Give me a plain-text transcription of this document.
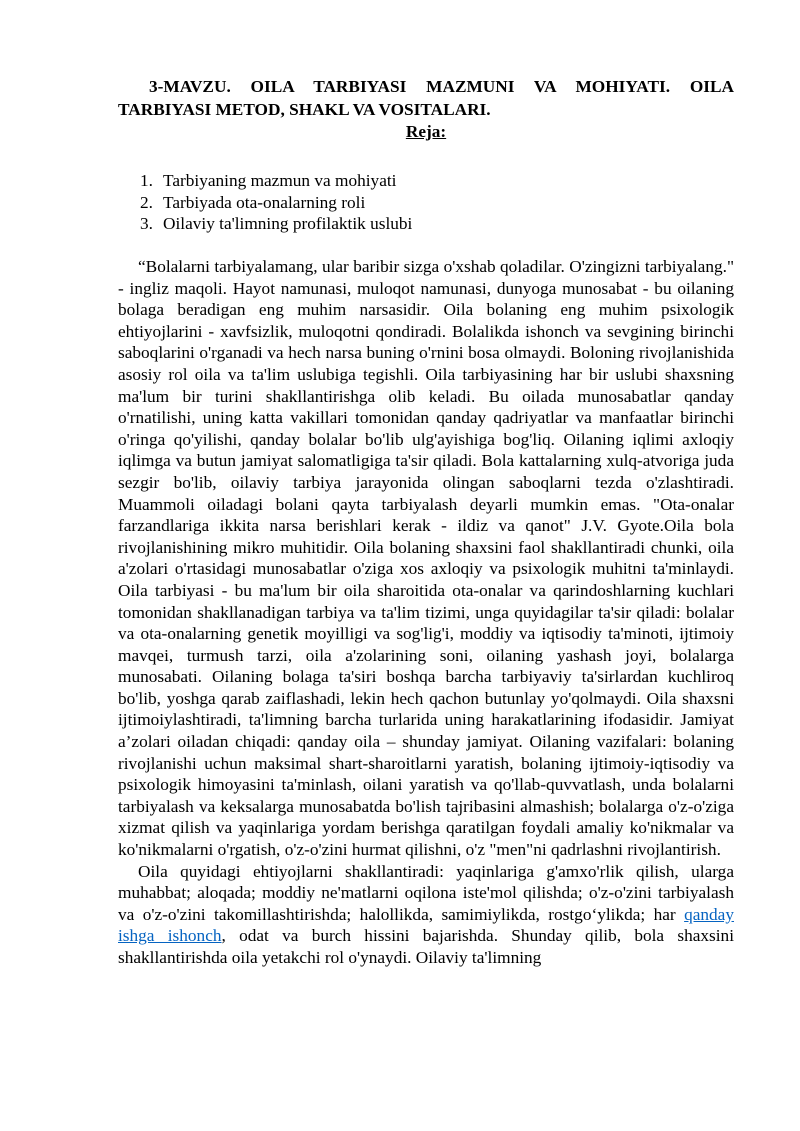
3-MAVZU. OILA TARBIYASI MAZMUNI VA MOHIYATI. OILA TARBIYASI METOD, SHAKL VA VOSITALARI.

Reja:

1. Tarbiyaning mazmun va mohiyati
2. Tarbiyada ota-onalarning roli
3. Oilaviy ta'limning profilaktik uslubi

“Bolalarni tarbiyalamang, ular baribir sizga o'xshab qoladilar. O'zingizni tarbiyalang." - ingliz maqoli. Hayot namunasi, muloqot namunasi, dunyoga munosabat - bu oilaning bolaga beradigan eng muhim narsasidir. Oila bolaning eng muhim psixologik ehtiyojlarini - xavfsizlik, muloqotni qondiradi. Bolalikda ishonch va sevgining birinchi saboqlarini o'rganadi va hech narsa buning o'rnini bosa olmaydi. Boloning rivojlanishida asosiy rol oila va ta'lim uslubiga tegishli. Oila tarbiyasining har bir uslubi shaxsning ma'lum bir turini shakllantirishga olib keladi. Bu oilada munosabatlar qanday o'rnatilishi, uning katta vakillari tomonidan qanday qadriyatlar va manfaatlar birinchi o'ringa qo'yilishi, qanday bolalar bo'lib ulg'ayishiga bog'liq. Oilaning iqlimi axloqiy iqlimga va butun jamiyat salomatligiga ta'sir qiladi. Bola kattalarning xulq-atvoriga juda sezgir bo'lib, oilaviy tarbiya jarayonida olingan saboqlarni tezda o'zlashtiradi. Muammoli oiladagi bolani qayta tarbiyalash deyarli mumkin emas. "Ota-onalar farzandlariga ikkita narsa berishlari kerak - ildiz va qanot" J.V. Gyote.Oila bola rivojlanishining mikro muhitidir. Oila bolaning shaxsini faol shakllantiradi chunki, oila a'zolari o'rtasidagi munosabatlar o'ziga xos axloqiy va psixologik muhitni ta'minlaydi. Oila tarbiyasi - bu ma'lum bir oila sharoitida ota-onalar va qarindoshlarning kuchlari tomonidan shakllanadigan tarbiya va ta'lim tizimi, unga quyidagilar ta'sir qiladi: bolalar va ota-onalarning genetik moyilligi va sog'lig'i, moddiy va iqtisodiy ta'minoti, ijtimoiy mavqei, turmush tarzi, oila a'zolarining soni, oilaning yashash joyi, bolalarga munosabati. Oilaning bolaga ta'siri boshqa barcha tarbiyaviy ta'sirlardan kuchliroq bo'lib, yoshga qarab zaiflashadi, lekin hech qachon butunlay yo'qolmaydi. Oila shaxsni ijtimoiylashtiradi, ta'limning barcha turlarida uning harakatlarining ifodasidir. Jamiyat a’zolari oiladan chiqadi: qanday oila – shunday jamiyat. Oilaning vazifalari: bolaning rivojlanishi uchun maksimal shart-sharoitlarni yaratish, bolaning ijtimoiy-iqtisodiy va psixologik himoyasini ta'minlash, oilani yaratish va qo'llab-quvvatlash, unda bolalarni tarbiyalash va keksalarga munosabatda bo'lish tajribasini almashish; bolalarga o'z-o'ziga xizmat qilish va yaqinlariga yordam berishga qaratilgan foydali amaliy ko'nikmalar va ko'nikmalarni o'rgatish, o'z-o'zini hurmat qilishni, o'z "men"ni qadrlashni rivojlantirish.

Oila quyidagi ehtiyojlarni shakllantiradi: yaqinlariga g'amxo'rlik qilish, ularga muhabbat; aloqada; moddiy ne'matlarni oqilona iste'mol qilishda; o'z-o'zini tarbiyalash va o'z-o'zini takomillashtirishda; halollikda, samimiylikda, rostgo‘ylikda; har qanday ishga ishonch, odat va burch hissini bajarishda. Shunday qilib, bola shaxsini shakllantirishda oila yetakchi rol o'ynaydi. Oilaviy ta'limning
